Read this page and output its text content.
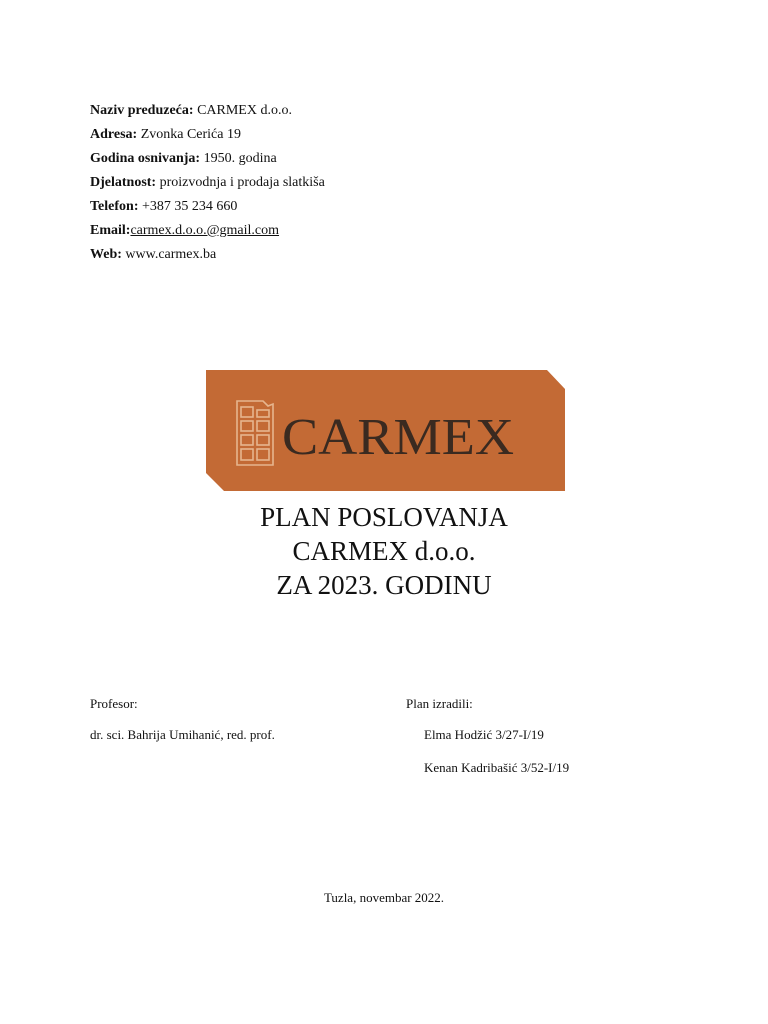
Naziv preduzeća: CARMEX d.o.o.
Adresa: Zvonka Cerića 19
Godina osnivanja: 1950. godina
Djelatnost: proizvodnja i prodaja slatkiša
Telefon: +387 35 234 660
Email:carmex.d.o.o.@gmail.com
Web: www.carmex.ba
CARMEX
PLAN POSLOVANJA
CARMEX d.o.o.
ZA 2023. GODINU
Profesor:
dr. sci. Bahrija Umihanić, red. prof.
Plan izradili:
Elma Hodžić 3/27-I/19
Kenan Kadribašić 3/52-I/19
Tuzla, novembar 2022.
